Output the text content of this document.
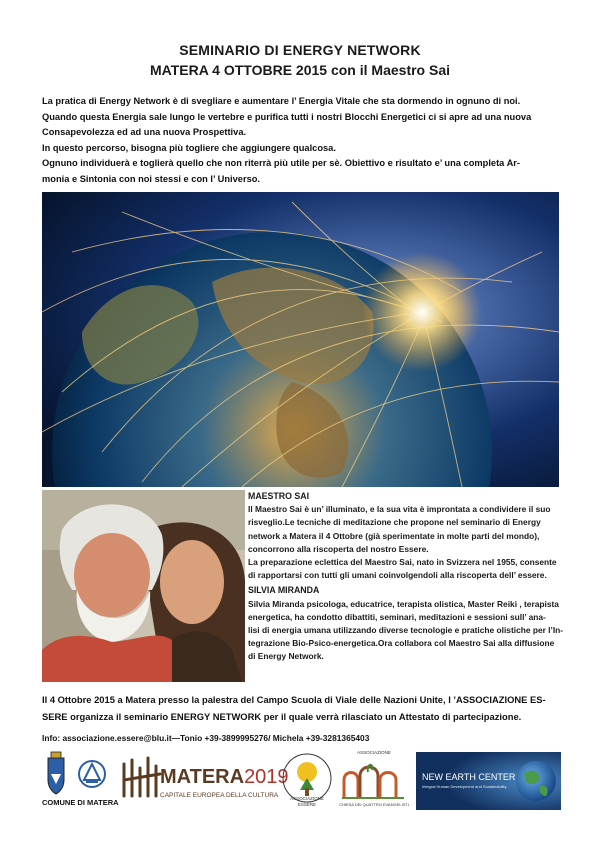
SEMINARIO DI ENERGY NETWORK
MATERA 4 OTTOBRE 2015 con il Maestro Sai

La pratica di Energy Network è di svegliare e aumentare l’ Energia Vitale che sta dormendo in ognuno di noi.

Quando questa Energia sale lungo le vertebre e purifica tutti i nostri Blocchi Energetici ci si apre ad una nuova

Consapevolezza ed ad una nuova Prospettiva.

In questo percorso, bisogna più togliere che aggiungere qualcosa.

Ognuno individuerà e toglierà quello che non riterrà più utile per sè. Obiettivo e risultato e’ una completa Ar-

monia e Sintonia con noi stessi e con l’ Universo.

MAESTRO SAI

Il Maestro Sai è un’ illuminato, e la sua vita è improntata a condividere il suo

risveglio.Le tecniche di meditazione che propone nel seminario di Energy

network a Matera il 4 Ottobre (già sperimentate in molte parti del mondo),

concorrono alla riscoperta del nostro Essere.

La preparazione eclettica del Maestro Sai, nato in Svizzera nel 1955, consente

di rapportarsi con tutti gli umani coinvolgendoli alla riscoperta dell’ essere.

SILVIA MIRANDA

Silvia Miranda psicologa, educatrice, terapista olistica, Master Reiki , terapista

energetica, ha condotto dibattiti, seminari, meditazioni e sessioni sull’ ana-

lisi di energia umana utilizzando diverse tecnologie e pratiche olistiche per l’In-

tegrazione Bio-Psico-energetica.Ora collabora col Maestro Sai alla diffusione

di Energy Network.

Il 4 Ottobre 2015 a Matera presso la palestra del Campo Scuola di Viale delle Nazioni Unite, l ’ASSOCIAZIONE ES-

SERE organizza il seminario ENERGY NETWORK per il quale verrà rilasciato un Attestato di partecipazione.

Info: associazione.essere@blu.it—Tonio +39-3899995276/ Michela +39-3281365403
COMUNE DI MATERA
MATERA2019
CAPITALE EUROPEA DELLA CULTURA	ASSOCIAZIONE
ESSERE
ASSOCIAZIONE
CHIESA DEI QUATTRO EVANGELISTI
NEW EARTH CENTER
Integral Human Development and Sustainability
